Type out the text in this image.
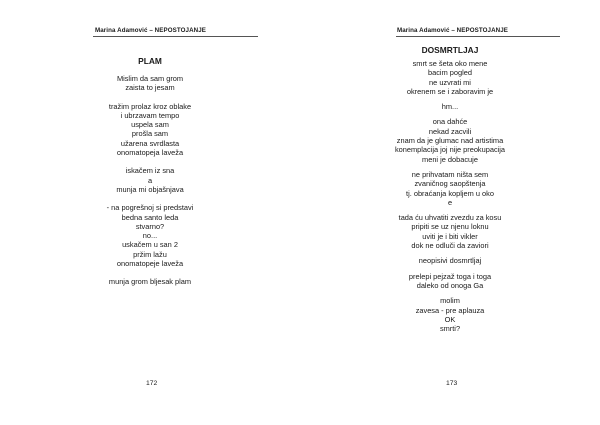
Marina Adamović – NEPOSTOJANJE
PLAM
Mislim da sam grom
zaista to jesam
tražim prolaz kroz oblake
i ubrzavam tempo
uspela sam
prošla sam
užarena svrdlasta
onomatopeja laveža
iskačem iz sna
a
munja mi objašnjava
- na pogrešnoj si predstavi
bedna santo leda
stvarno?
no...
uskačem u san 2
pržim lažu
onomatopeje laveža
munja grom bljesak plam
172
Marina Adamović – NEPOSTOJANJE
DOSMRTLJAJ
smrt se šeta oko mene
bacim pogled
ne uzvrati mi
okrenem se i zaboravim je
hm...
ona dahće
nekad zacvili
znam da je glumac nad artistima
konemplacija joj nije preokupacija
meni je dobacuje
ne prihvatam ništa sem
zvaničnog saopštenja
tj. obraćanja kopljem u oko
e
tada ću uhvatiti zvezdu za kosu
pripiti se uz njenu loknu
uviti je i biti vikler
dok ne odluči da zaviori
neopisivi dosmrtljaj
prelepi pejzaž toga i toga
daleko od onoga Ga
molim
zavesa - pre aplauza
OK
smrti?
173
